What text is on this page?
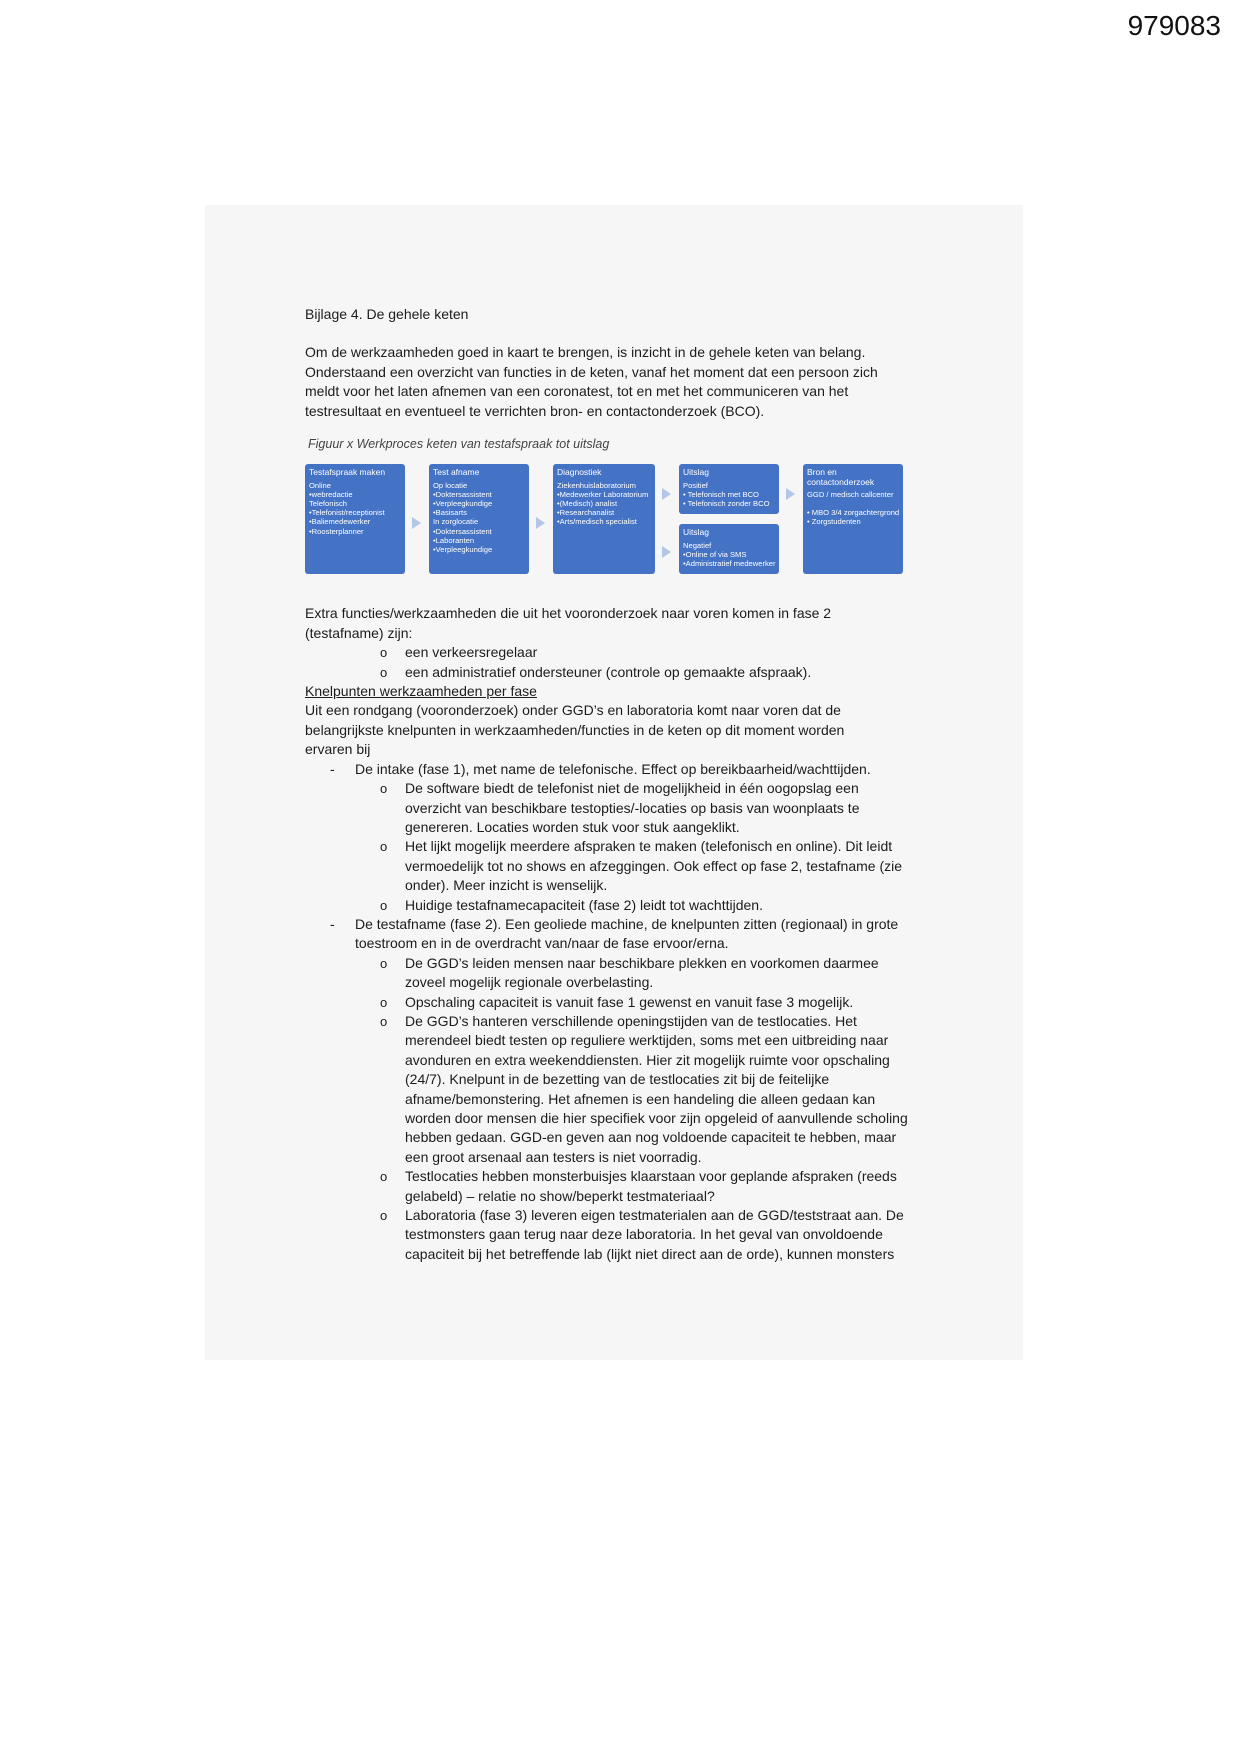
979083

Bijlage 4. De gehele keten

Om de werkzaamheden goed in kaart te brengen, is inzicht in de gehele keten van belang.
Onderstaand een overzicht van functies in de keten, vanaf het moment dat een persoon zich
meldt voor het laten afnemen van een coronatest, tot en met het communiceren van het
testresultaat en eventueel te verrichten bron- en contactonderzoek (BCO).
Figuur x Werkproces keten van testafspraak tot uitslag
Testafspraak maken
Online
•webredactie
Telefonisch
•Telefonist/receptionist
•Baliemedewerker
•Roosterplanner
Test afname
Op locatie
•Doktersassistent
•Verpleegkundige
•Basisarts
In zorglocatie
•Doktersassistent
•Laboranten
•Verpleegkundige
Diagnostiek
Ziekenhuislaboratorium
•Medewerker Laboratorium
•(Medisch) analist
•Researchanalist
•Arts/medisch specialist
Uitslag
Positief
• Telefonisch met BCO
• Telefonisch zonder BCO
Uitslag
Negatief
•Online of via SMS
•Administratief medewerker
Bron en contactonderzoek
GGD / medisch callcenter

• MBO 3/4 zorgachtergrond
• Zorgstudenten
Extra functies/werkzaamheden die uit het vooronderzoek naar voren komen in fase 2
(testafname) zijn:
o een verkeersregelaar
o een administratief ondersteuner (controle op gemaakte afspraak).
Knelpunten werkzaamheden per fase
Uit een rondgang (vooronderzoek) onder GGD’s en laboratoria komt naar voren dat de
belangrijkste knelpunten in werkzaamheden/functies in de keten op dit moment worden
ervaren bij
- De intake (fase 1), met name de telefonische. Effect op bereikbaarheid/wachttijden.
o De software biedt de telefonist niet de mogelijkheid in één oogopslag een
overzicht van beschikbare testopties/-locaties op basis van woonplaats te
genereren. Locaties worden stuk voor stuk aangeklikt.
o Het lijkt mogelijk meerdere afspraken te maken (telefonisch en online). Dit leidt
vermoedelijk tot no shows en afzeggingen. Ook effect op fase 2, testafname (zie
onder). Meer inzicht is wenselijk.
o Huidige testafnamecapaciteit (fase 2) leidt tot wachttijden.
- De testafname (fase 2). Een geoliede machine, de knelpunten zitten (regionaal) in grote
toestroom en in de overdracht van/naar de fase ervoor/erna.
o De GGD’s leiden mensen naar beschikbare plekken en voorkomen daarmee
zoveel mogelijk regionale overbelasting.
o Opschaling capaciteit is vanuit fase 1 gewenst en vanuit fase 3 mogelijk.
o De GGD’s hanteren verschillende openingstijden van de testlocaties. Het
merendeel biedt testen op reguliere werktijden, soms met een uitbreiding naar
avonduren en extra weekenddiensten. Hier zit mogelijk ruimte voor opschaling
(24/7). Knelpunt in de bezetting van de testlocaties zit bij de feitelijke
afname/bemonstering. Het afnemen is een handeling die alleen gedaan kan
worden door mensen die hier specifiek voor zijn opgeleid of aanvullende scholing
hebben gedaan. GGD-en geven aan nog voldoende capaciteit te hebben, maar
een groot arsenaal aan testers is niet voorradig.
o Testlocaties hebben monsterbuisjes klaarstaan voor geplande afspraken (reeds
gelabeld) – relatie no show/beperkt testmateriaal?
o Laboratoria (fase 3) leveren eigen testmaterialen aan de GGD/teststraat aan. De
testmonsters gaan terug naar deze laboratoria. In het geval van onvoldoende
capaciteit bij het betreffende lab (lijkt niet direct aan de orde), kunnen monsters
